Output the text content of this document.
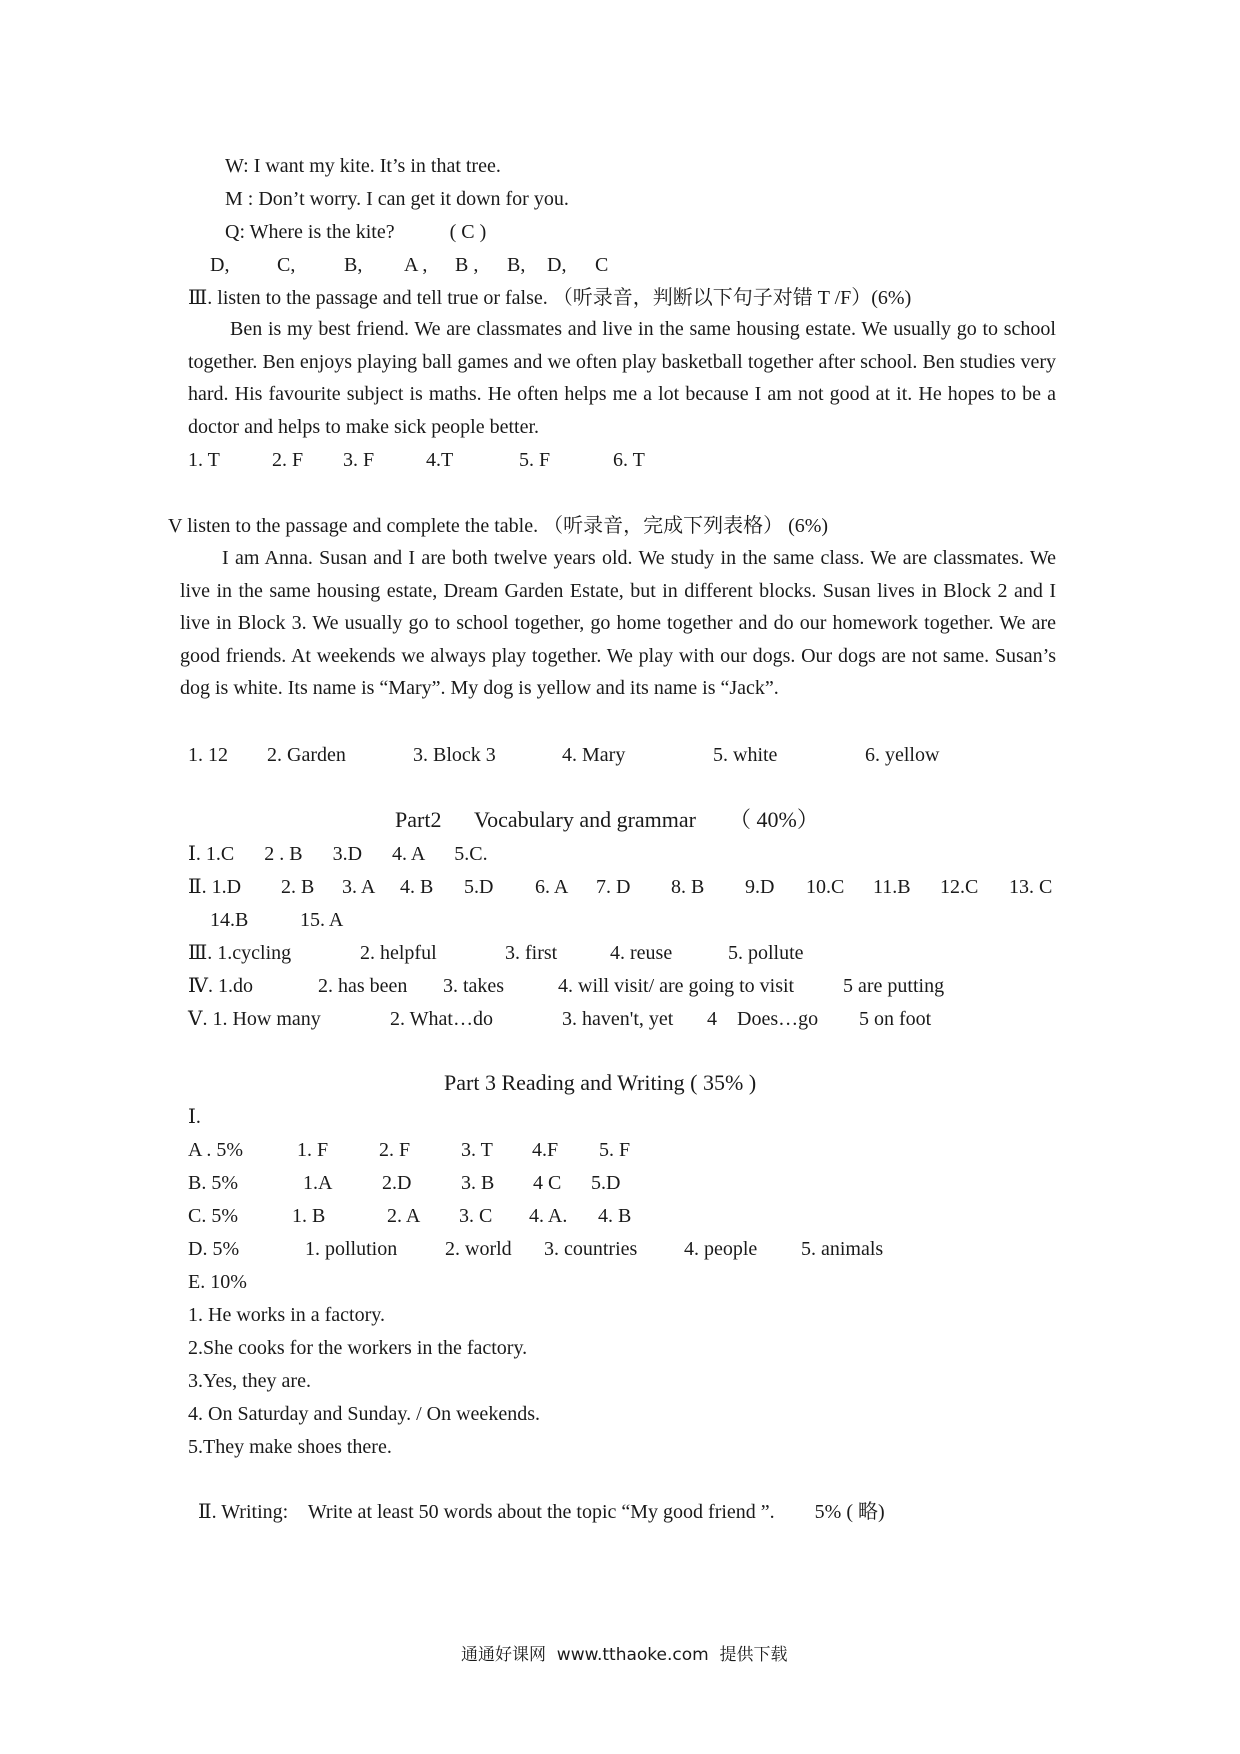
W: I want my kite. It’s in that tree.
M : Don’t worry. I can get it down for you.
Q: Where is the kite?	( C )
D, C, B, A , B , B, D, C
Ⅲ. listen to the passage and tell true or false. （听录音，判断以下句子对错 T /F）(6%)

Ben is my best friend. We are classmates and live in the same housing estate. We usually go to school together. Ben enjoys playing ball games and we often play basketball together after school. Ben studies very hard. His favourite subject is maths. He often helps me a lot because I am not good at it. He hopes to be a doctor and helps to make sick people better.

1. T	2. F 3. F	4.T	5. F	6. T
V listen to the passage and complete the table. （听录音，完成下列表格） (6%)

I am Anna. Susan and I are both twelve years old. We study in the same class. We are classmates. We live in the same housing estate, Dream Garden Estate, but in different blocks. Susan lives in Block 2 and I live in Block 3. We usually go to school together, go home together and do our homework together. We are good friends. At weekends we always play together. We play with our dogs. Our dogs are not same. Susan’s dog is white. Its name is “Mary”. My dog is yellow and its name is “Jack”.

1. 12 2. Garden	3. Block 3	4. Mary	5. white	6. yellow
Part2      Vocabulary and grammar      （ 40%）
Ⅰ. 1.C      2 . B      3.D      4. A      5.C.
Ⅱ. 1.D 2. B 3. A 4. B 5.D 6. A 7. D 8. B 9.D 10.C 11.B 12.C 13. C
14.B	15. A
Ⅲ. 1.cycling	2. helpful	3. first	4. reuse	5. pollute
Ⅳ. 1.do	2. has been 3. takes	4. will visit/ are going to visit 5 are putting
Ⅴ. 1. How many	2. What…do	3. haven't, yet 4    Does…go 5 on foot
Part 3 Reading and Writing ( 35% )
Ⅰ.
A . 5%	1. F	2. F	3. T 4.F 5. F
B. 5%	1.A 2.D 3. B 4 C 5.D
C. 5%	1. B	2. A 3. C 4. A. 4. B
D. 5%	1. pollution 2. world 3. countries 4. people 5. animals
E. 10%
1. He works in a factory.
2.She cooks for the workers in the factory.
3.Yes, they are.
4. On Saturday and Sunday. / On weekends.
5.They make shoes there.
Ⅱ. Writing:    Write at least 50 words about the topic “My good friend ”.        5% ( 略)
通通好课网  www.tthaoke.com  提供下载
